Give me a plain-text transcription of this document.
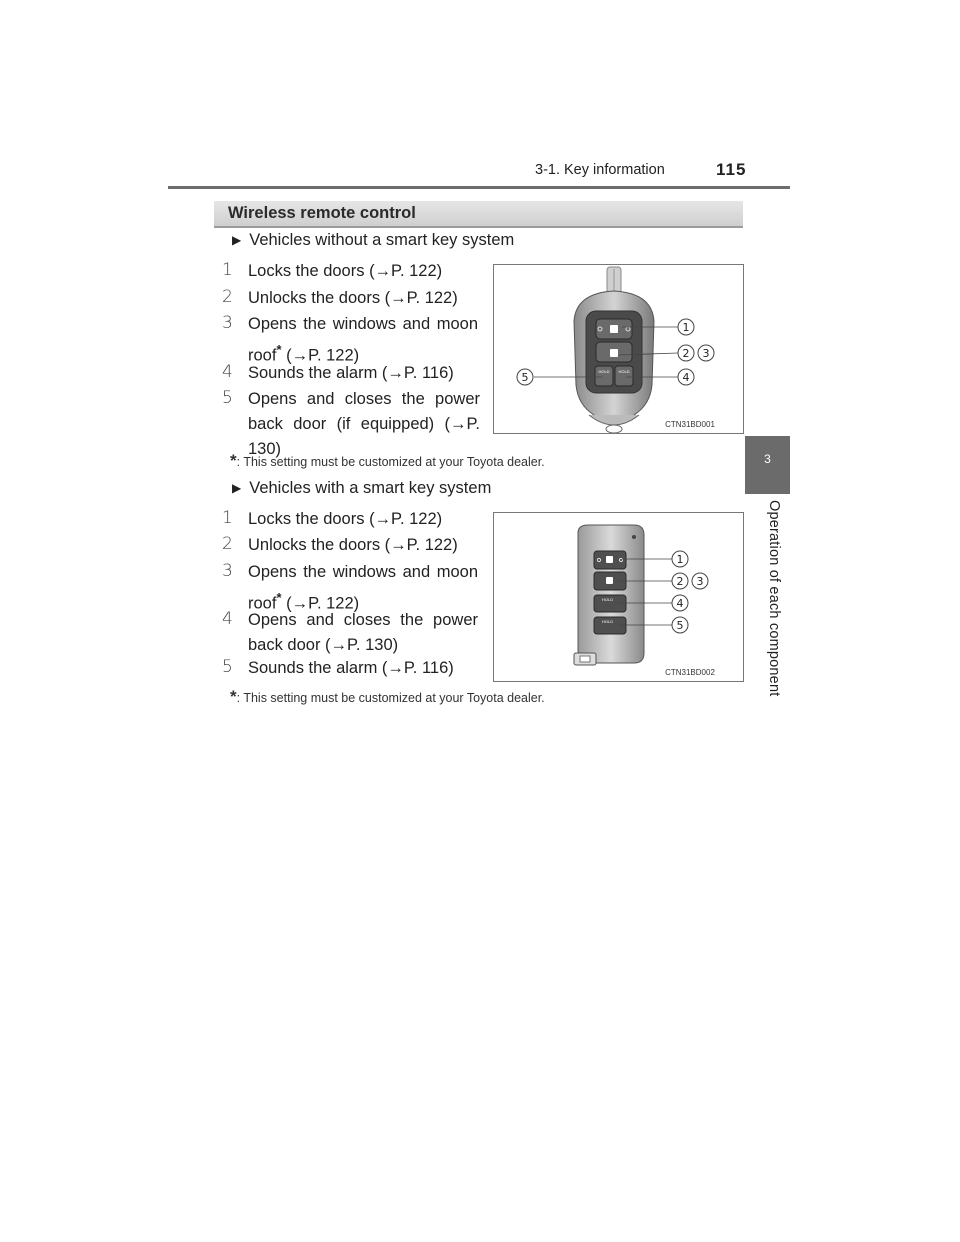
3-1. Key information	115
3
Operation of each component
Wireless remote control
▶ Vehicles without a smart key system
1 Locks the doors (→P. 122)
2 Unlocks the doors (→P. 122)
3 Opens the windows and moon roof* (→P. 122)
4 Sounds the alarm (→P. 116)
5 Opens and closes the power back door (if equipped) (→P. 130)
HOLD HOLD
1
2 3
4
5
CTN31BD001
*: This setting must be customized at your Toyota dealer.
▶ Vehicles with a smart key system
1 Locks the doors (→P. 122)
2 Unlocks the doors (→P. 122)
3 Opens the windows and moon roof* (→P. 122)
4 Opens and closes the power back door (→P. 130)
5 Sounds the alarm (→P. 116)
HOLD
HOLD
1
2 3
4
5
CTN31BD002
*: This setting must be customized at your Toyota dealer.
